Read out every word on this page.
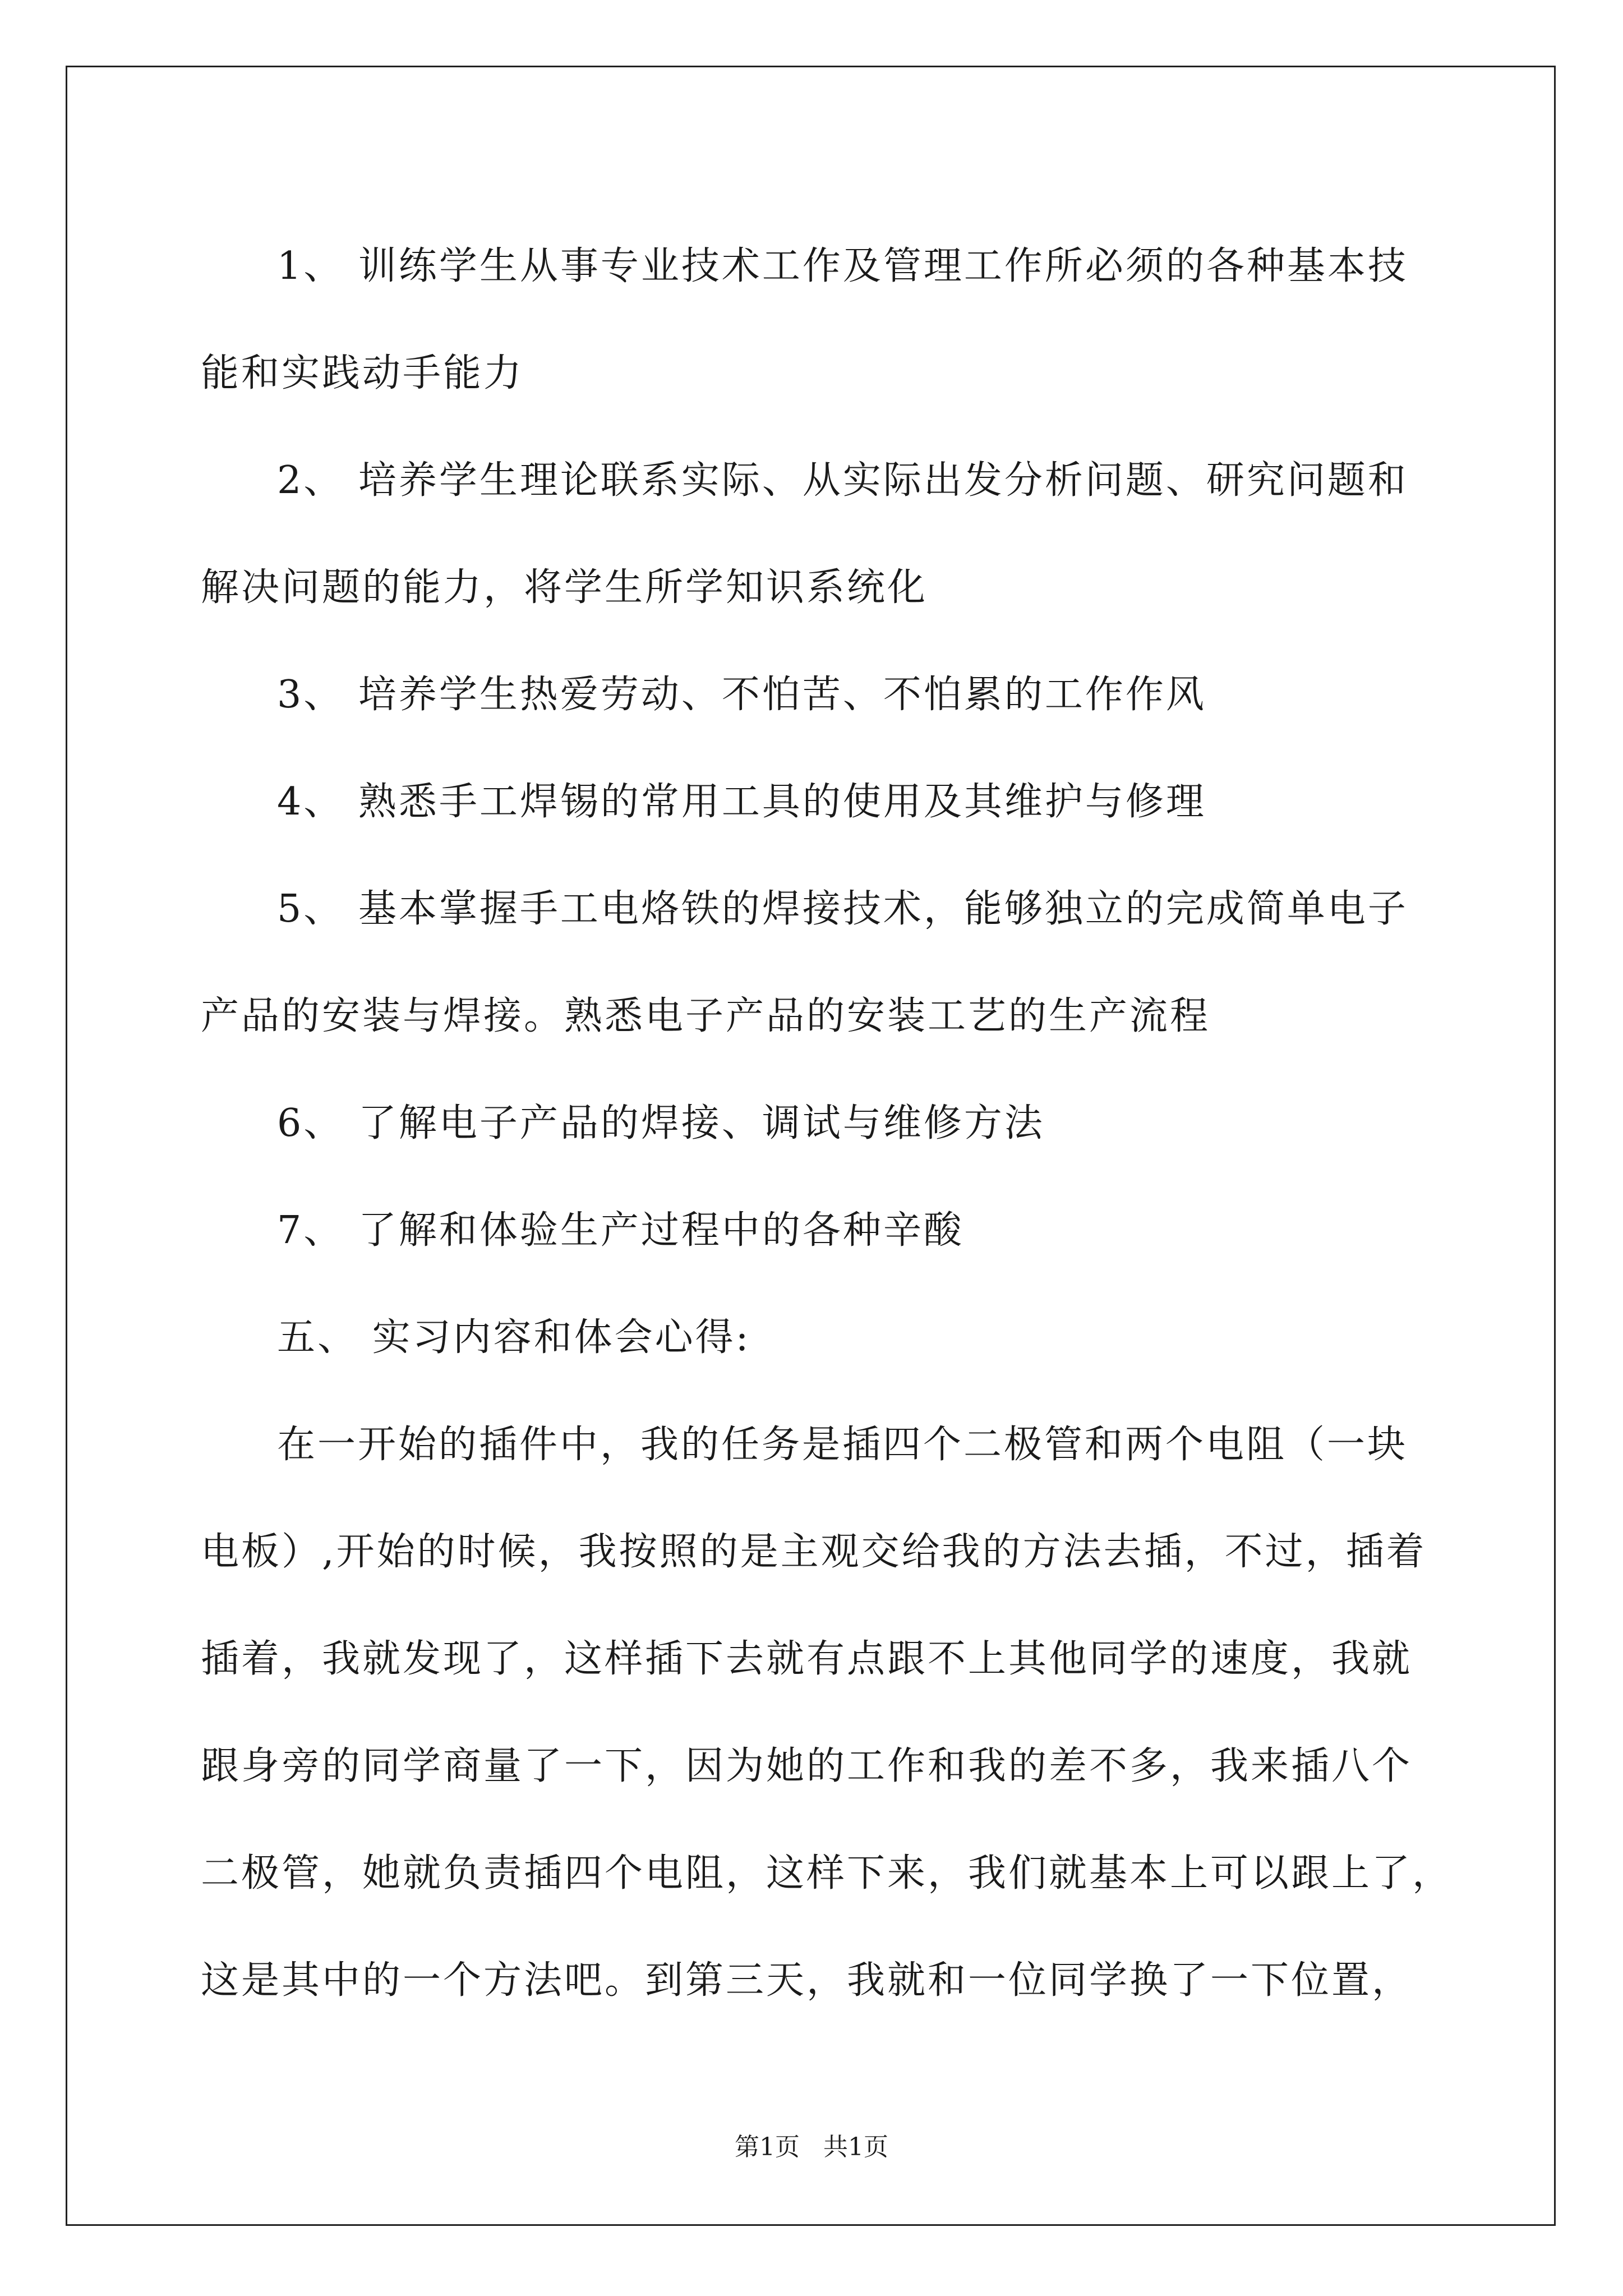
1、 训练学生从事专业技术工作及管理工作所必须的各种基本技
能和实践动手能力
2、 培养学生理论联系实际、从实际出发分析问题、研究问题和
解决问题的能力，将学生所学知识系统化
3、 培养学生热爱劳动、不怕苦、不怕累的工作作风
4、 熟悉手工焊锡的常用工具的使用及其维护与修理
5、 基本掌握手工电烙铁的焊接技术，能够独立的完成简单电子
产品的安装与焊接。熟悉电子产品的安装工艺的生产流程
6、 了解电子产品的焊接、调试与维修方法
7、 了解和体验生产过程中的各种辛酸
五、 实习内容和体会心得:
在一开始的插件中，我的任务是插四个二极管和两个电阻（一块
电板）,开始的时候，我按照的是主观交给我的方法去插，不过，插着
插着，我就发现了，这样插下去就有点跟不上其他同学的速度，我就
跟身旁的同学商量了一下，因为她的工作和我的差不多，我来插八个
二极管，她就负责插四个电阻，这样下来，我们就基本上可以跟上了，
这是其中的一个方法吧。到第三天，我就和一位同学换了一下位置，
第1页   共1页
